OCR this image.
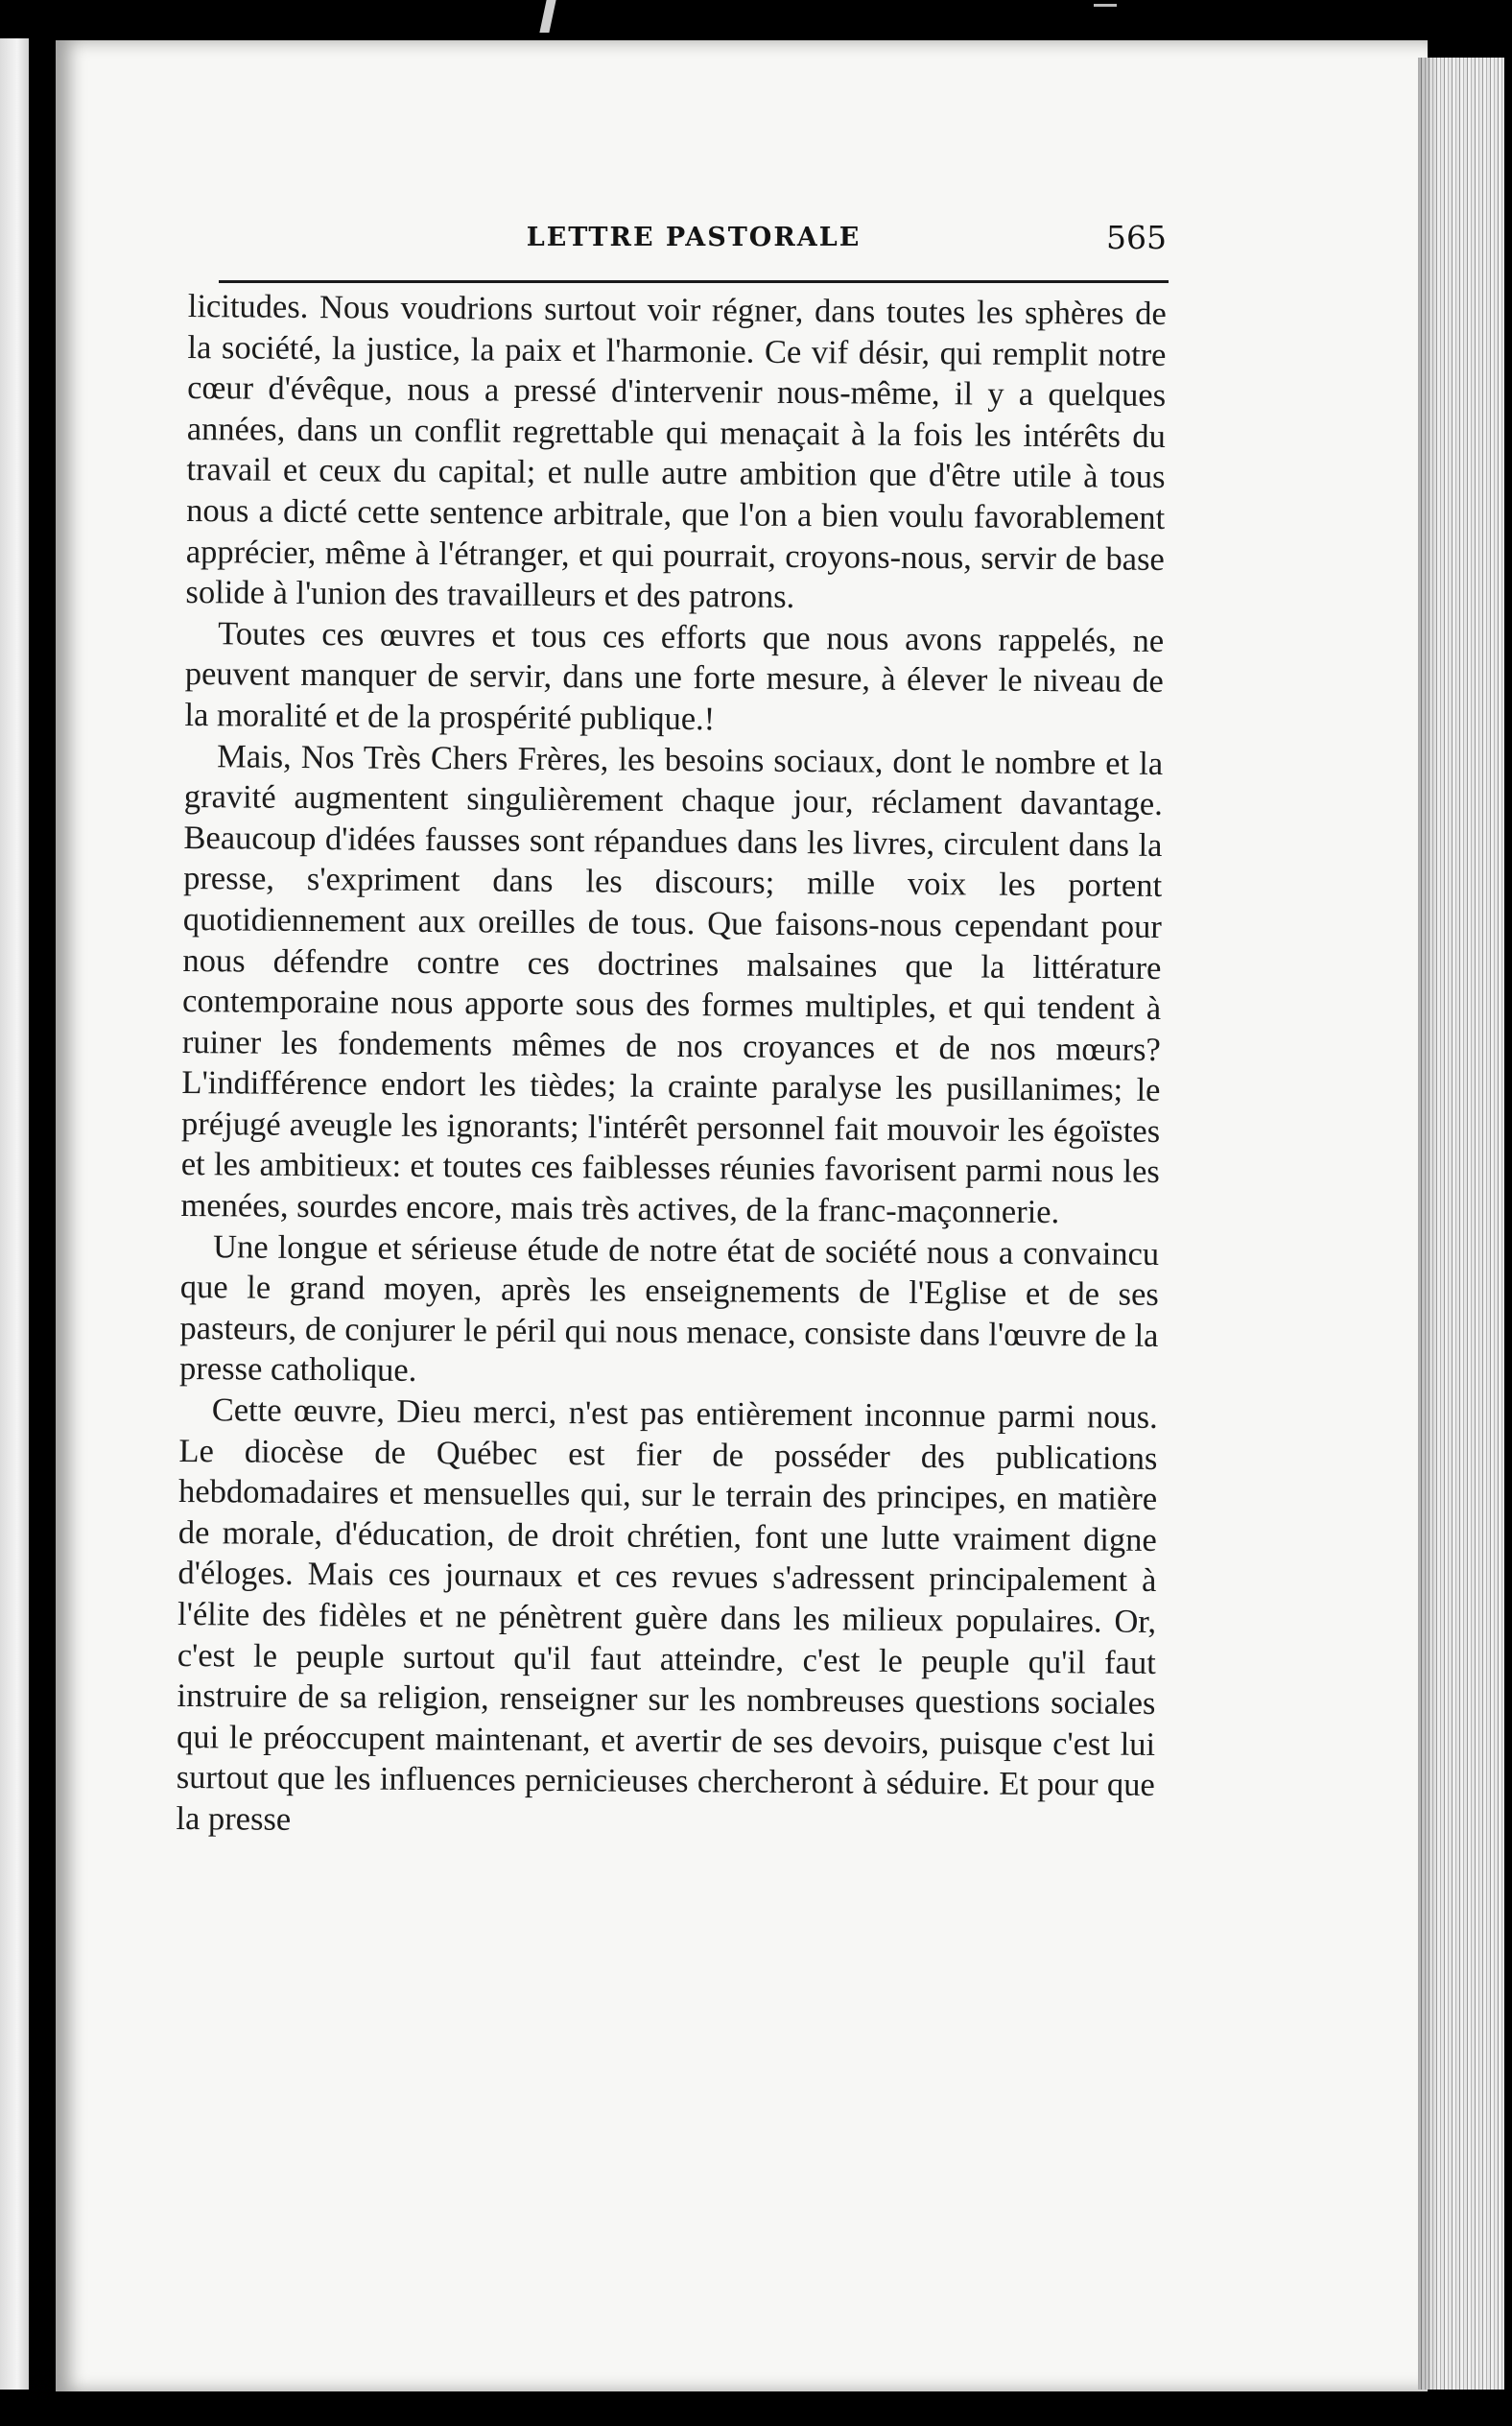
LETTRE PASTORALE	565

licitudes. Nous voudrions surtout voir régner, dans toutes les sphères de la société, la justice, la paix et l'harmonie. Ce vif désir, qui remplit notre cœur d'évêque, nous a pressé d'intervenir nous-même, il y a quelques années, dans un conflit regrettable qui menaçait à la fois les intérêts du travail et ceux du capital; et nulle autre ambition que d'être utile à tous nous a dicté cette sentence arbitrale, que l'on a bien voulu favorablement apprécier, même à l'étranger, et qui pourrait, croyons-nous, servir de base solide à l'union des travailleurs et des patrons.

Toutes ces œuvres et tous ces efforts que nous avons rappelés, ne peuvent manquer de servir, dans une forte mesure, à élever le niveau de la moralité et de la prospérité publique.!

Mais, Nos Très Chers Frères, les besoins sociaux, dont le nombre et la gravité augmentent singulièrement chaque jour, réclament davantage. Beaucoup d'idées fausses sont répandues dans les livres, circulent dans la presse, s'expriment dans les discours; mille voix les portent quotidiennement aux oreilles de tous. Que faisons-nous cependant pour nous défendre contre ces doctrines malsaines que la littérature contemporaine nous apporte sous des formes multiples, et qui tendent à ruiner les fondements mêmes de nos croyances et de nos mœurs? L'indifférence endort les tièdes; la crainte paralyse les pusillanimes; le préjugé aveugle les ignorants; l'intérêt personnel fait mouvoir les égoïstes et les ambitieux: et toutes ces faiblesses réunies favorisent parmi nous les menées, sourdes encore, mais très actives, de la franc-maçonnerie.

Une longue et sérieuse étude de notre état de société nous a convaincu que le grand moyen, après les enseignements de l'Eglise et de ses pasteurs, de conjurer le péril qui nous menace, consiste dans l'œuvre de la presse catholique.

Cette œuvre, Dieu merci, n'est pas entièrement inconnue parmi nous. Le diocèse de Québec est fier de posséder des publications hebdomadaires et mensuelles qui, sur le terrain des principes, en matière de morale, d'éducation, de droit chrétien, font une lutte vraiment digne d'éloges. Mais ces journaux et ces revues s'adressent principalement à l'élite des fidèles et ne pénètrent guère dans les milieux populaires. Or, c'est le peuple surtout qu'il faut atteindre, c'est le peuple qu'il faut instruire de sa religion, renseigner sur les nombreuses questions sociales qui le préoccupent maintenant, et avertir de ses devoirs, puisque c'est lui surtout que les influences pernicieuses chercheront à séduire. Et pour que la presse
